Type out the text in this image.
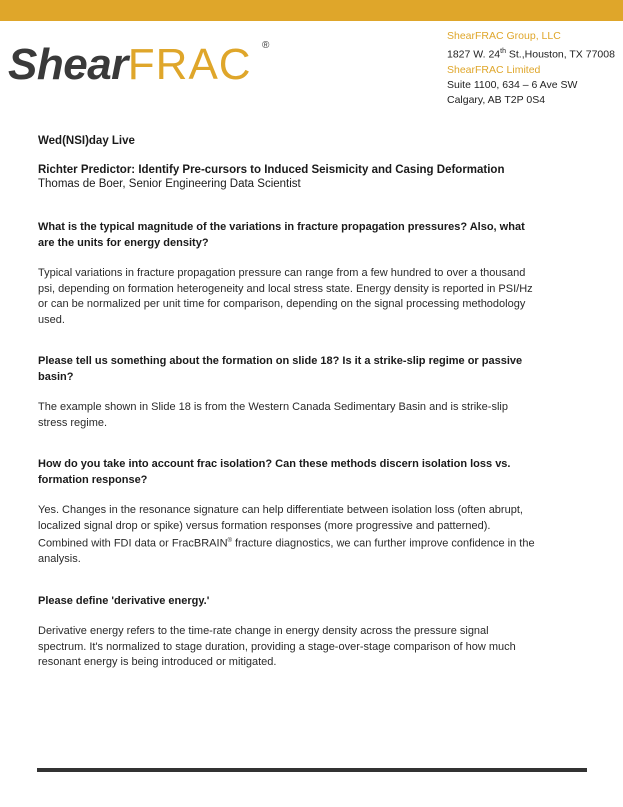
ShearFRAC ®
ShearFRAC Group, LLC
1827 W. 24th St.,Houston, TX 77008
ShearFRAC Limited
Suite 1100, 634 – 6 Ave SW
Calgary, AB T2P 0S4

Wed(NSI)day Live

Richter Predictor: Identify Pre-cursors to Induced Seismicity and Casing Deformation

Thomas de Boer, Senior Engineering Data Scientist

What is the typical magnitude of the variations in fracture propagation pressures? Also, what are the units for energy density?

Typical variations in fracture propagation pressure can range from a few hundred to over a thousand psi, depending on formation heterogeneity and local stress state. Energy density is reported in PSI/Hz or can be normalized per unit time for comparison, depending on the signal processing methodology used.

Please tell us something about the formation on slide 18? Is it a strike-slip regime or passive basin?

The example shown in Slide 18 is from the Western Canada Sedimentary Basin and is strike-slip stress regime.

How do you take into account frac isolation? Can these methods discern isolation loss vs. formation response?

Yes. Changes in the resonance signature can help differentiate between isolation loss (often abrupt, localized signal drop or spike) versus formation responses (more progressive and patterned). Combined with FDI data or FracBRAIN® fracture diagnostics, we can further improve confidence in the analysis.

Please define 'derivative energy.'

Derivative energy refers to the time-rate change in energy density across the pressure signal spectrum. It's normalized to stage duration, providing a stage-over-stage comparison of how much resonant energy is being introduced or mitigated.
